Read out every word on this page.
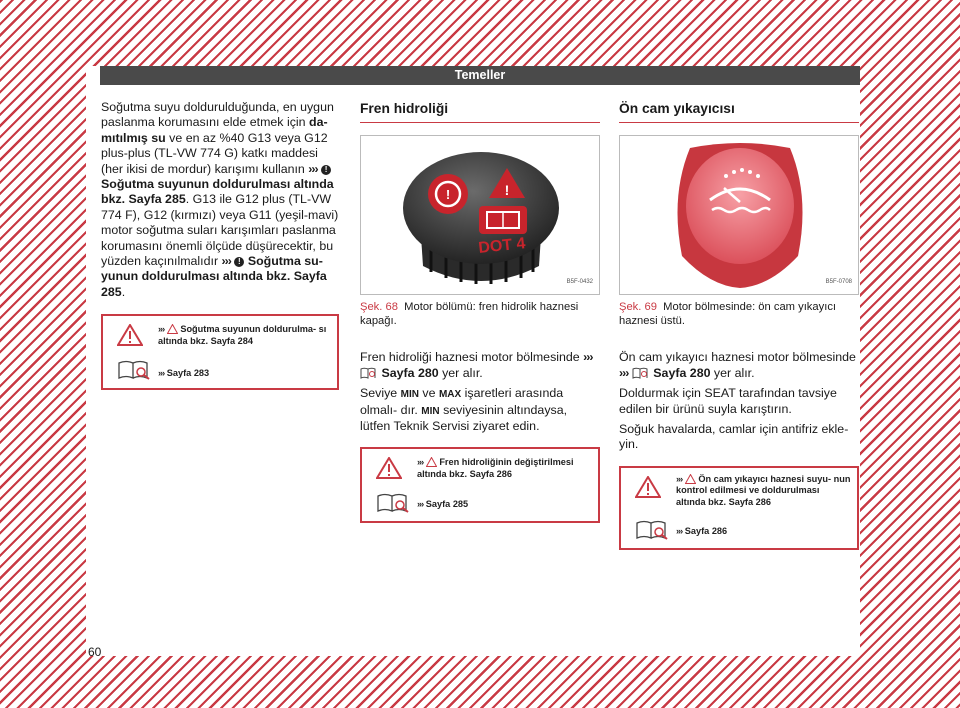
Temeller

Soğutma suyu doldurulduğunda, en uygun paslanma korumasını elde etmek için da- mıtılmış su ve en az %40 G13 veya G12 plus-plus (TL-VW 774 G) katkı maddesi (her ikisi de mordur) karışımı kullanın ››› ! Soğutma suyunun doldurulması altında bkz. Sayfa 285. G13 ile G12 plus (TL-VW 774 F), G12 (kırmızı) veya G11 (yeşil-mavi) motor soğutma suları karışımları paslanma korumasını önemli ölçüde düşürecektir, bu yüzden kaçınılmalıdır ››› ! Soğutma su- yunun doldurulması altında bkz. Sayfa 285.

››› Soğutma suyunun doldurulma- sı altında bkz. Sayfa 284
››› Sayfa 283
Fren hidroliği
!	!
DOT 4
B5F-0432
Şek. 68 Motor bölümü: fren hidrolik haznesi kapağı.

Fren hidroliği haznesi motor bölmesinde ›››  Sayfa 280 yer alır.

Seviye MIN ve MAX işaretleri arasında olmalı- dır. MIN seviyesinin altındaysa, lütfen Teknik Servisi ziyaret edin.

››› Fren hidroliğinin değiştirilmesi altında bkz. Sayfa 286
››› Sayfa 285
Ön cam yıkayıcısı
B5F-0708
Şek. 69 Motor bölmesinde: ön cam yıkayıcı haznesi üstü.

Ön cam yıkayıcı haznesi motor bölmesinde ››› Sayfa 280 yer alır.

Doldurmak için SEAT tarafından tavsiye edilen bir ürünü suyla karıştırın.

Soğuk havalarda, camlar için antifriz ekle- yin.

››› Ön cam yıkayıcı haznesi suyu- nun kontrol edilmesi ve doldurulması altında bkz. Sayfa 286
››› Sayfa 286
60
